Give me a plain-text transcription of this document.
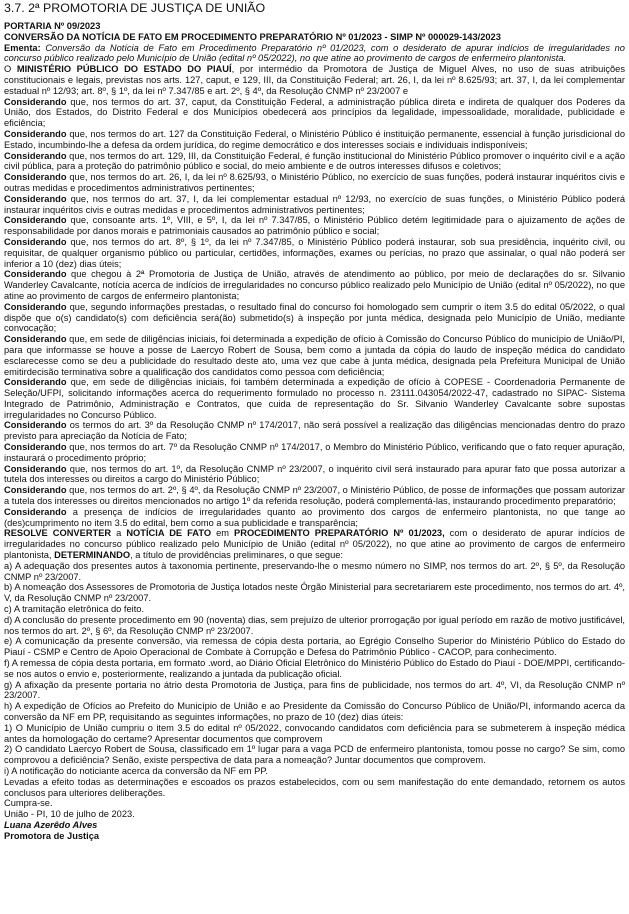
3.7. 2ª PROMOTORIA DE JUSTIÇA DE UNIÃO

PORTARIA Nº 09/2023

CONVERSÃO DA NOTÍCIA DE FATO EM PROCEDIMENTO PREPARATÓRIO Nº 01/2023 - SIMP Nº 000029-143/2023

Ementa: Conversão da Notícia de Fato em Procedimento Preparatório nº 01/2023, com o desiderato de apurar indícios de irregularidades no concurso público realizado pelo Município de União (edital nº 05/2022), no que atine ao provimento de cargos de enfermeiro plantonista.

O MINISTÉRIO PÚBLICO DO ESTADO DO PIAUÍ, por intermédio da Promotora de Justiça de Miguel Alves, no uso de suas atribuições constitucionais e legais, previstas nos arts. 127, caput, e 129, III, da Constituição Federal; art. 26, I, da lei nº 8.625/93; art. 37, I, da lei complementar estadual nº 12/93; art. 8º, § 1º, da lei nº 7.347/85 e art. 2º, § 4º, da Resolução CNMP nº 23/2007 e

Considerando que, nos termos do art. 37, caput, da Constituição Federal, a administração pública direta e indireta de qualquer dos Poderes da União, dos Estados, do Distrito Federal e dos Municípios obedecerá aos princípios da legalidade, impessoalidade, moralidade, publicidade e eficiência;

Considerando que, nos termos do art. 127 da Constituição Federal, o Ministério Público é instituição permanente, essencial à função jurisdicional do Estado, incumbindo-lhe a defesa da ordem jurídica, do regime democrático e dos interesses sociais e individuais indisponíveis;

Considerando que, nos termos do art. 129, III, da Constituição Federal, é função institucional do Ministério Público promover o inquérito civil e a ação civil pública, para a proteção do patrimônio público e social, do meio ambiente e de outros interesses difusos e coletivos;

Considerando que, nos termos do art. 26, I, da lei nº 8.625/93, o Ministério Público, no exercício de suas funções, poderá instaurar inquéritos civis e outras medidas e procedimentos administrativos pertinentes;

Considerando que, nos termos do art. 37, I, da lei complementar estadual nº 12/93, no exercício de suas funções, o Ministério Público poderá instaurar inquéritos civis e outras medidas e procedimentos administrativos pertinentes;

Considerando que, consoante arts. 1º, VIII, e 5º, I, da lei nº 7.347/85, o Ministério Público detém legitimidade para o ajuizamento de ações de responsabilidade por danos morais e patrimoniais causados ao patrimônio público e social;

Considerando que, nos termos do art. 8º, § 1º, da lei nº 7.347/85, o Ministério Público poderá instaurar, sob sua presidência, inquérito civil, ou requisitar, de qualquer organismo público ou particular, certidões, informações, exames ou perícias, no prazo que assinalar, o qual não poderá ser inferior a 10 (dez) dias úteis;

Considerando que chegou à 2ª Promotoria de Justiça de União, através de atendimento ao público, por meio de declarações do sr. Silvanio Wanderley Cavalcante, notícia acerca de indícios de irregularidades no concurso público realizado pelo Município de União (edital nº 05/2022), no que atine ao provimento de cargos de enfermeiro plantonista;

Considerando que, segundo informações prestadas, o resultado final do concurso foi homologado sem cumprir o item 3.5 do edital 05/2022, o qual dispõe que o(s) candidato(s) com deficiência será(ão) submetido(s) à inspeção por junta médica, designada pelo Município de União, mediante convocação;

Considerando que, em sede de diligências iniciais, foi determinada a expedição de ofício à Comissão do Concurso Público do município de União/PI, para que informasse se houve a posse de Laercyo Robert de Sousa, bem como a juntada da cópia do laudo de inspeção médica do candidato esclarecesse como se deu a publicidade do resultado deste ato, uma vez que cabe à junta médica, designada pela Prefeitura Municipal de União emitirdecisão terminativa sobre a qualificação dos candidatos como pessoa com deficiência;

Considerando que, em sede de diligências iniciais, foi também determinada a expedição de ofício à COPESE - Coordenadoria Permanente de Seleção/UFPI, solicitando informações acerca do requerimento formulado no processo n. 23111.043054/2022-47, cadastrado no SIPAC- Sistema Integrado de Patrimônio, Administração e Contratos, que cuida de representação do Sr. Silvanio Wanderley Cavalcante sobre supostas irregularidades no Concurso Público.

Considerando os termos do art. 3º da Resolução CNMP nº 174/2017, não será possível a realização das diligências mencionadas dentro do prazo previsto para apreciação da Notícia de Fato;

Considerando que, nos termos do art. 7º da Resolução CNMP nº 174/2017, o Membro do Ministério Público, verificando que o fato requer apuração, instaurará o procedimento próprio;

Considerando que, nos termos do art. 1º, da Resolução CNMP nº 23/2007, o inquérito civil será instaurado para apurar fato que possa autorizar a tutela dos interesses ou direitos a cargo do Ministério Público;

Considerando que, nos termos do art. 2º, § 4º, da Resolução CNMP nº 23/2007, o Ministério Público, de posse de informações que possam autorizar a tutela dos interesses ou direitos mencionados no artigo 1º da referida resolução, poderá complementá-las, instaurando procedimento preparatório;

Considerando a presença de indícios de irregularidades quanto ao provimento dos cargos de enfermeiro plantonista, no que tange ao (des)cumprimento no item 3.5 do edital, bem como a sua publicidade e transparência;

RESOLVE CONVERTER a NOTÍCIA DE FATO em PROCEDIMENTO PREPARATÓRIO Nº 01/2023, com o desiderato de apurar indícios de irregularidades no concurso público realizado pelo Município de União (edital nº 05/2022), no que atine ao provimento de cargos de enfermeiro plantonista, DETERMINANDO, a título de providências preliminares, o que segue:

a) A adequação dos presentes autos à taxonomia pertinente, preservando-lhe o mesmo número no SIMP, nos termos do art. 2º, § 5º, da Resolução CNMP nº 23/2007.

b) A nomeação dos Assessores de Promotoria de Justiça lotados neste Órgão Ministerial para secretariarem este procedimento, nos termos do art. 4º, V, da Resolução CNMP nº 23/2007.

c) A tramitação eletrônica do feito.

d) A conclusão do presente procedimento em 90 (noventa) dias, sem prejuízo de ulterior prorrogação por igual período em razão de motivo justificável, nos termos do art. 2º, § 6º, da Resolução CNMP nº 23/2007.

e) A comunicação da presente conversão, via remessa de cópia desta portaria, ao Egrégio Conselho Superior do Ministério Público do Estado do Piauí - CSMP e Centro de Apoio Operacional de Combate à Corrupção e Defesa do Patrimônio Público - CACOP, para conhecimento.

f) A remessa de cópia desta portaria, em formato .word, ao Diário Oficial Eletrônico do Ministério Público do Estado do Piauí - DOE/MPPI, certificando-se nos autos o envio e, posteriormente, realizando a juntada da publicação oficial.

g) A afixação da presente portaria no átrio desta Promotoria de Justiça, para fins de publicidade, nos termos do art. 4º, VI, da Resolução CNMP nº 23/2007.

h) A expedição de Ofícios ao Prefeito do Município de União e ao Presidente da Comissão do Concurso Público de União/PI, informando acerca da conversão da NF em PP, requisitando as seguintes informações, no prazo de 10 (dez) dias úteis:

1) O Município de União cumpriu o item 3.5 do edital nº 05/2022, convocando candidatos com deficiência para se submeterem à inspeção médica antes da homologação do certame? Apresentar documentos que comprovem

2) O candidato Laercyo Robert de Sousa, classificado em 1º lugar para a vaga PCD de enfermeiro plantonista, tomou posse no cargo? Se sim, como comprovou a deficiência? Senão, existe perspectiva de data para a nomeação? Juntar documentos que comprovem.

i) A notificação do noticiante acerca da conversão da NF em PP.

Levadas a efeito todas as determinações e escoados os prazos estabelecidos, com ou sem manifestação do ente demandado, retornem os autos conclusos para ulteriores deliberações.

Cumpra-se.

União - PI, 10 de julho de 2023.

Luana Azerêdo Alves

Promotora de Justiça
